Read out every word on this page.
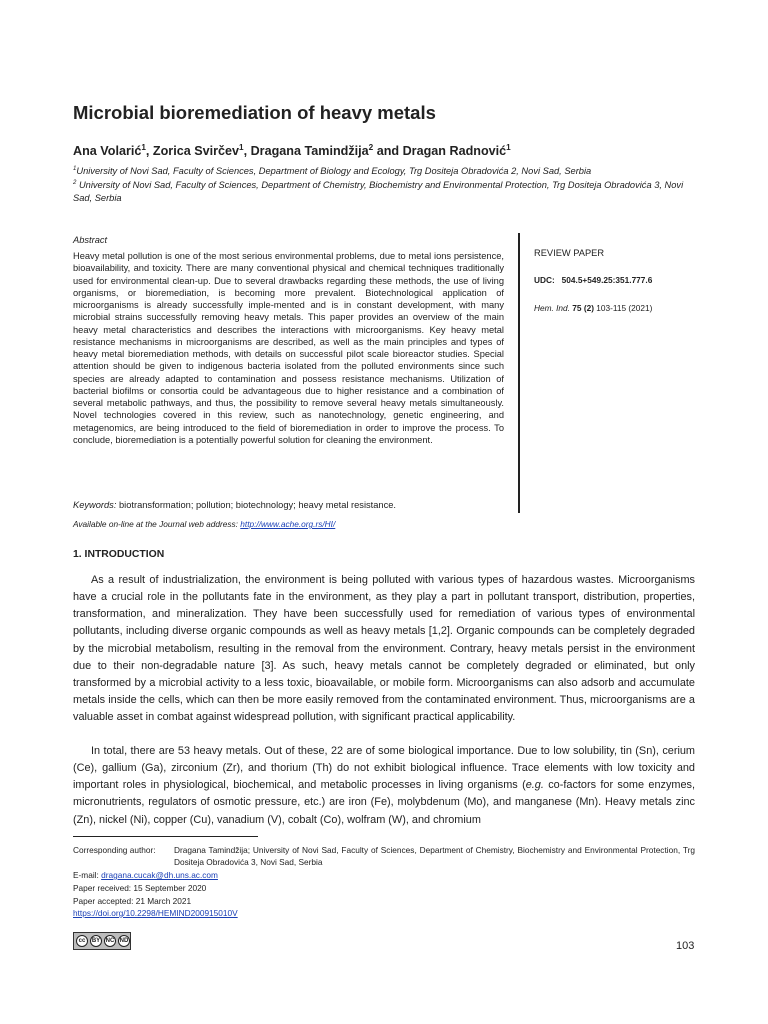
Microbial bioremediation of heavy metals
Ana Volarić$^1$, Zorica Svirčev$^1$, Dragana Tamindžija$^2$ and Dragan Radnović$^1$
$^1$University of Novi Sad, Faculty of Sciences, Department of Biology and Ecology, Trg Dositeja Obradovića 2, Novi Sad, Serbia
$^2$ University of Novi Sad, Faculty of Sciences, Department of Chemistry, Biochemistry and Environmental Protection, Trg Dositeja Obradovića 3, Novi Sad, Serbia
Abstract
Heavy metal pollution is one of the most serious environmental problems, due to metal ions persistence, bioavailability, and toxicity. There are many conventional physical and chemical techniques traditionally used for environmental clean-up. Due to several drawbacks regarding these methods, the use of living organisms, or bioremediation, is becoming more prevalent. Biotechnological application of microorganisms is already successfully imple-mented and is in constant development, with many microbial strains successfully removing heavy metals. This paper provides an overview of the main heavy metal characteristics and describes the interactions with microorganisms. Key heavy metal resistance mechanisms in microorganisms are described, as well as the main principles and types of heavy metal bioremediation methods, with details on successful pilot scale bioreactor studies. Special attention should be given to indigenous bacteria isolated from the polluted environments since such species are already adapted to contamination and possess resistance mechanisms. Utilization of bacterial biofilms or consortia could be advantageous due to higher resistance and a combination of several metabolic pathways, and thus, the possibility to remove several heavy metals simultaneously. Novel technologies covered in this review, such as nanotechnology, genetic engineering, and metagenomics, are being introduced to the field of bioremediation in order to improve the process. To conclude, bioremediation is a potentially powerful solution for cleaning the environment.
Keywords: biotransformation; pollution; biotechnology; heavy metal resistance.
Available on-line at the Journal web address: http://www.ache.org.rs/HI/
REVIEW PAPER
UDC: 504.5+549.25:351.777.6
Hem. Ind. 75 (2) 103-115 (2021)
1. INTRODUCTION
As a result of industrialization, the environment is being polluted with various types of hazardous wastes. Microorganisms have a crucial role in the pollutants fate in the environment, as they play a part in pollutant transport, distribution, properties, transformation, and mineralization. They have been successfully used for remediation of various types of environmental pollutants, including diverse organic compounds as well as heavy metals [1,2]. Organic compounds can be completely degraded by the microbial metabolism, resulting in the removal from the environment. Contrary, heavy metals persist in the environment due to their non-degradable nature [3]. As such, heavy metals cannot be completely degraded or eliminated, but only transformed by a microbial activity to a less toxic, bioavailable, or mobile form. Microorganisms can also adsorb and accumulate metals inside the cells, which can then be more easily removed from the contaminated environment. Thus, microorganisms are a valuable asset in combat against widespread pollution, with significant practical applicability.
In total, there are 53 heavy metals. Out of these, 22 are of some biological importance. Due to low solubility, tin (Sn), cerium (Ce), gallium (Ga), zirconium (Zr), and thorium (Th) do not exhibit biological influence. Trace elements with low toxicity and important roles in physiological, biochemical, and metabolic processes in living organisms (e.g. co-factors for some enzymes, micronutrients, regulators of osmotic pressure, etc.) are iron (Fe), molybdenum (Mo), and manganese (Mn). Heavy metals zinc (Zn), nickel (Ni), copper (Cu), vanadium (V), cobalt (Co), wolfram (W), and chromium
Corresponding author: Dragana Tamindžija; University of Novi Sad, Faculty of Sciences, Department of Chemistry, Biochemistry and Environmental Protection, Trg Dositeja Obradovića 3, Novi Sad, Serbia
E-mail: dragana.cucak@dh.uns.ac.com
Paper received: 15 September 2020
Paper accepted: 21 March 2021
https://doi.org/10.2298/HEMIND200915010V
cc	BY NC ND	103
